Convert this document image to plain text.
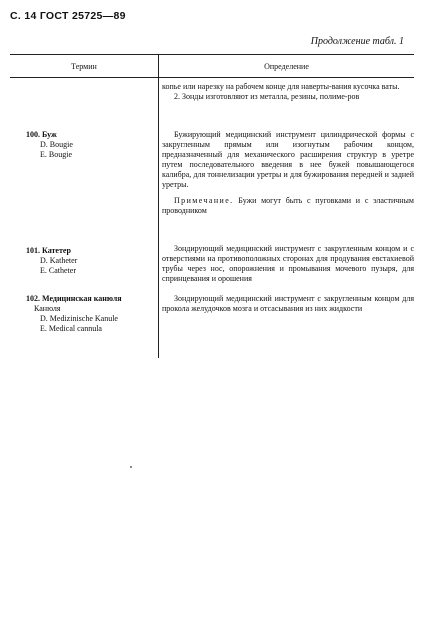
С. 14 ГОСТ 25725—89
Продолжение табл. 1
Термин	Определение

копье или нарезку на рабочем конце для наверты-вания кусочка ваты.

2. Зонды изготовляют из металла, резины, полиме-ров

100. Буж
D. Bougie
E. Bougie

Бужирующий медицинский инструмент цилиндрической формы с закругленным прямым или изогнутым рабочим концом, предназначенный для механического расширения структур в уретре путем последовательного введения в нее бужей повышающегося калибра, для тоннелизации уретры и для бужирования передней и задней уретры.

Примечание. Бужи могут быть с пуговками и с эластичным проводником

101. Катетер
D. Katheter
E. Catheter

Зондирующий медицинский инструмент с закругленным концом и с отверстиями на противоположных сторонах для продувания евстахиевой трубы через нос, опорожнения и промывания мочевого пузыря, для спринцевания и орошения

102. Медицинская канюля
Канюля
D. Medizinische Kanule
E. Medical cannula

Зондирующий медицинский инструмент с закругленным концом для прокола желудочков мозга и отсасывания из них жидкости
